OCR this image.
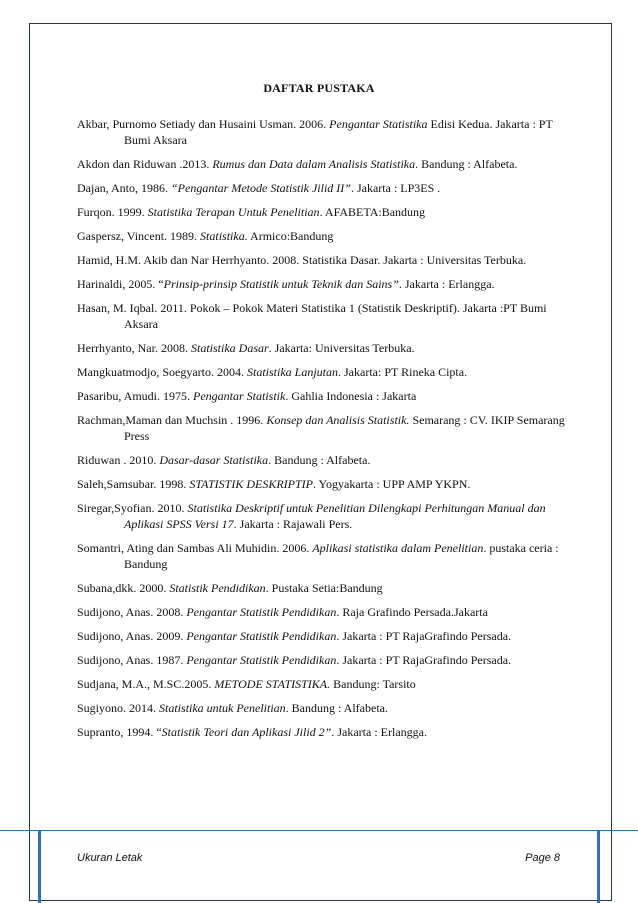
DAFTAR PUSTAKA
Akbar, Purnomo Setiady dan Husaini Usman. 2006. Pengantar Statistika Edisi Kedua. Jakarta : PT Bumi Aksara
Akdon dan Riduwan .2013. Rumus dan Data dalam Analisis Statistika. Bandung : Alfabeta.
Dajan, Anto, 1986. “Pengantar Metode Statistik Jilid II”. Jakarta : LP3ES .
Furqon. 1999. Statistika Terapan Untuk Penelitian. AFABETA:Bandung
Gaspersz, Vincent. 1989. Statistika. Armico:Bandung
Hamid, H.M. Akib dan Nar Herrhyanto. 2008. Statistika Dasar. Jakarta : Universitas Terbuka.
Harinaldi, 2005. “Prinsip-prinsip Statistik untuk Teknik dan Sains”. Jakarta : Erlangga.
Hasan, M. Iqbal. 2011. Pokok – Pokok Materi Statistika 1 (Statistik Deskriptif). Jakarta :PT Bumi Aksara
Herrhyanto, Nar. 2008. Statistika Dasar. Jakarta: Universitas Terbuka.
Mangkuatmodjo, Soegyarto. 2004. Statistika Lanjutan. Jakarta: PT Rineka Cipta.
Pasaribu, Amudi. 1975. Pengantar Statistik. Gahlia Indonesia : Jakarta
Rachman,Maman dan Muchsin . 1996. Konsep dan Analisis Statistik. Semarang : CV. IKIP Semarang Press
Riduwan . 2010. Dasar-dasar Statistika. Bandung : Alfabeta.
Saleh,Samsubar. 1998. STATISTIK DESKRIPTIP. Yogyakarta : UPP AMP YKPN.
Siregar,Syofian. 2010. Statistika Deskriptif untuk Penelitian Dilengkapi Perhitungan Manual dan Aplikasi SPSS Versi 17. Jakarta : Rajawali Pers.
Somantri, Ating dan Sambas Ali Muhidin. 2006. Aplikasi statistika dalam Penelitian. pustaka ceria : Bandung
Subana,dkk. 2000. Statistik Pendidikan. Pustaka Setia:Bandung
Sudijono, Anas. 2008. Pengantar Statistik Pendidikan. Raja Grafindo Persada.Jakarta
Sudijono, Anas. 2009. Pengantar Statistik Pendidikan. Jakarta : PT RajaGrafindo Persada.
Sudijono, Anas. 1987. Pengantar Statistik Pendidikan. Jakarta : PT RajaGrafindo Persada.
Sudjana, M.A., M.SC.2005. METODE STATISTIKA. Bandung: Tarsito
Sugiyono. 2014. Statistika untuk Penelitian. Bandung : Alfabeta.
Supranto, 1994. “Statistik Teori dan Aplikasi Jilid 2”. Jakarta : Erlangga.
Ukuran Letak	Page 8
